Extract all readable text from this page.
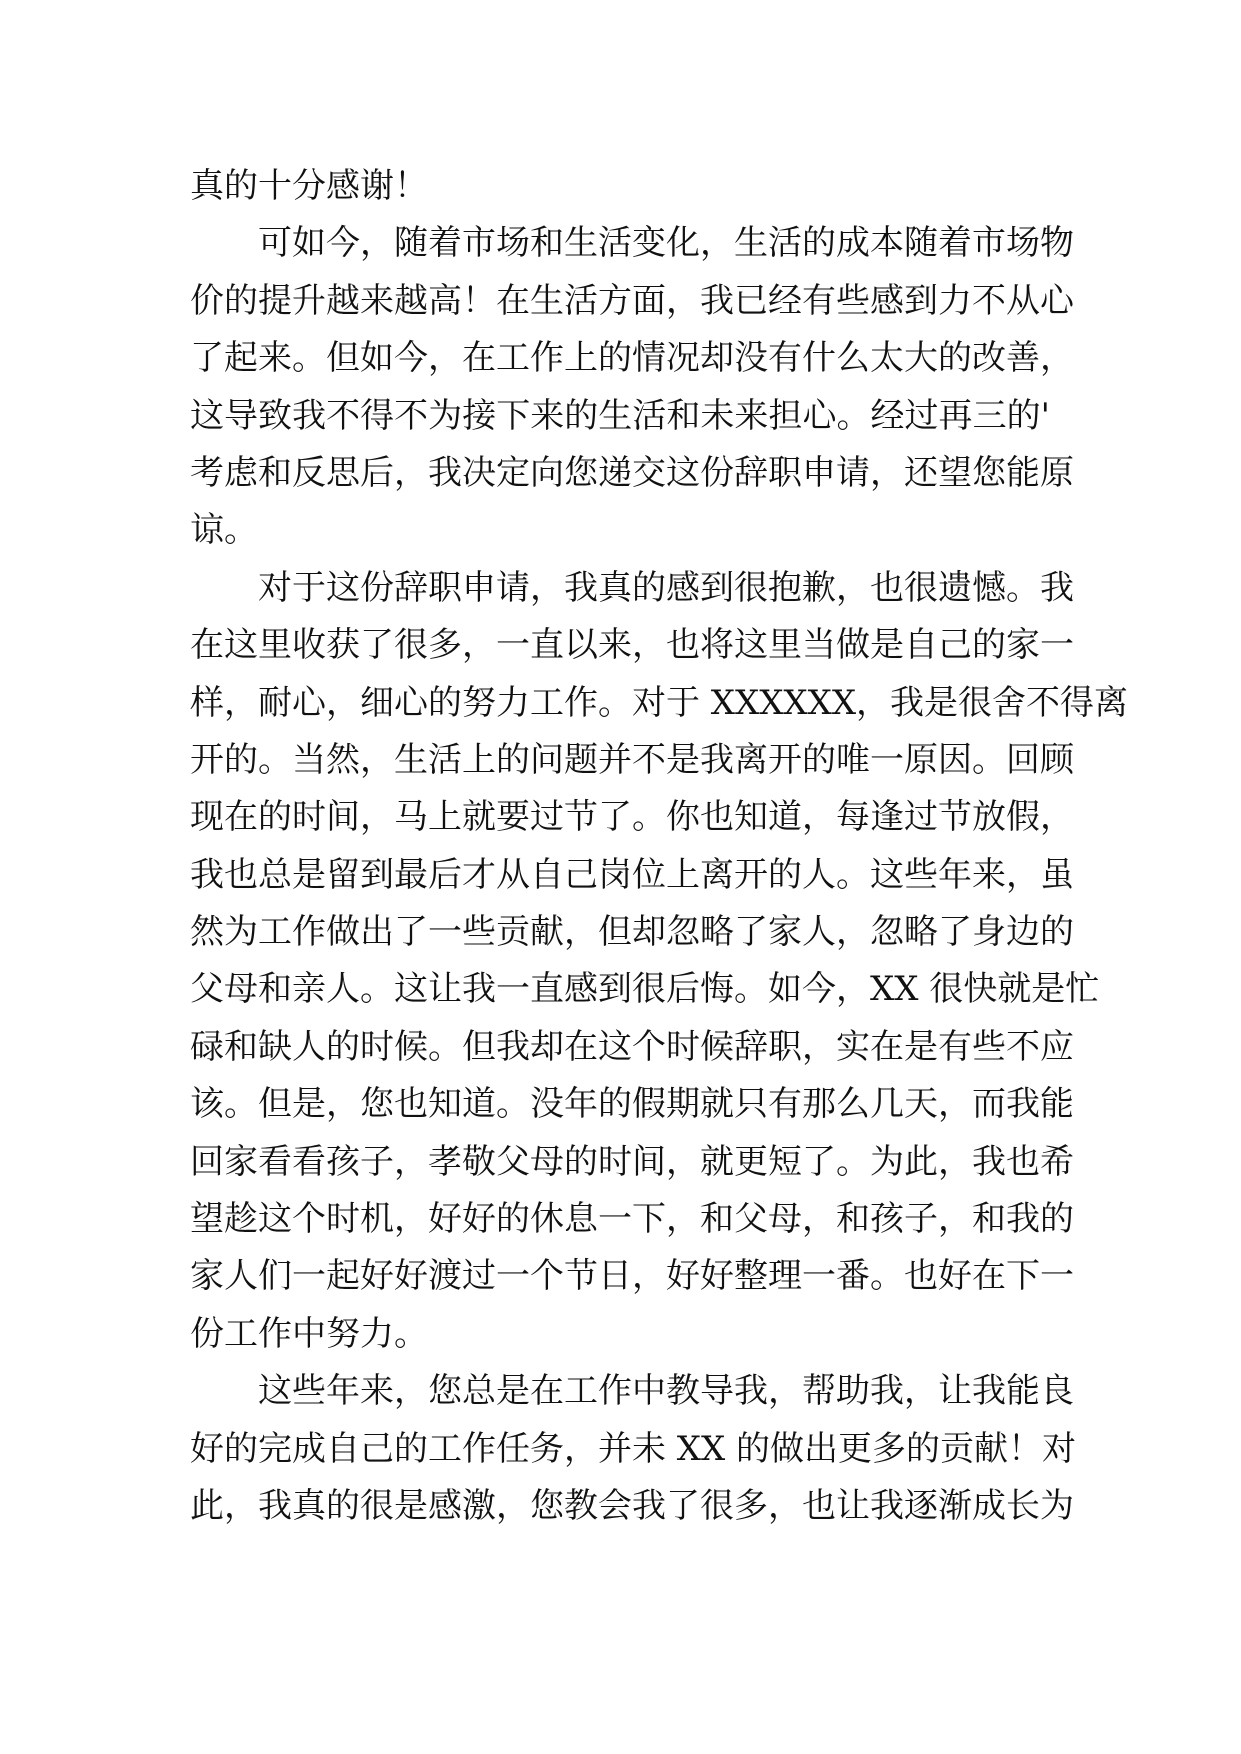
真的十分感谢！
可如今，随着市场和生活变化，生活的成本随着市场物
价的提升越来越高！在生活方面，我已经有些感到力不从心
了起来。但如今，在工作上的情况却没有什么太大的改善，
这导致我不得不为接下来的生活和未来担心。经过再三的'
考虑和反思后，我决定向您递交这份辞职申请，还望您能原
谅。
对于这份辞职申请，我真的感到很抱歉，也很遗憾。我
在这里收获了很多，一直以来，也将这里当做是自己的家一
样，耐心，细心的努力工作。对于 XXXXXX，我是很舍不得离
开的。当然，生活上的问题并不是我离开的唯一原因。回顾
现在的时间，马上就要过节了。你也知道，每逢过节放假，
我也总是留到最后才从自己岗位上离开的人。这些年来，虽
然为工作做出了一些贡献，但却忽略了家人，忽略了身边的
父母和亲人。这让我一直感到很后悔。如今，XX 很快就是忙
碌和缺人的时候。但我却在这个时候辞职，实在是有些不应
该。但是，您也知道。没年的假期就只有那么几天，而我能
回家看看孩子，孝敬父母的时间，就更短了。为此，我也希
望趁这个时机，好好的休息一下，和父母，和孩子，和我的
家人们一起好好渡过一个节日，好好整理一番。也好在下一
份工作中努力。
这些年来，您总是在工作中教导我，帮助我，让我能良
好的完成自己的工作任务，并未 XX 的做出更多的贡献！对
此，我真的很是感激，您教会我了很多，也让我逐渐成长为
